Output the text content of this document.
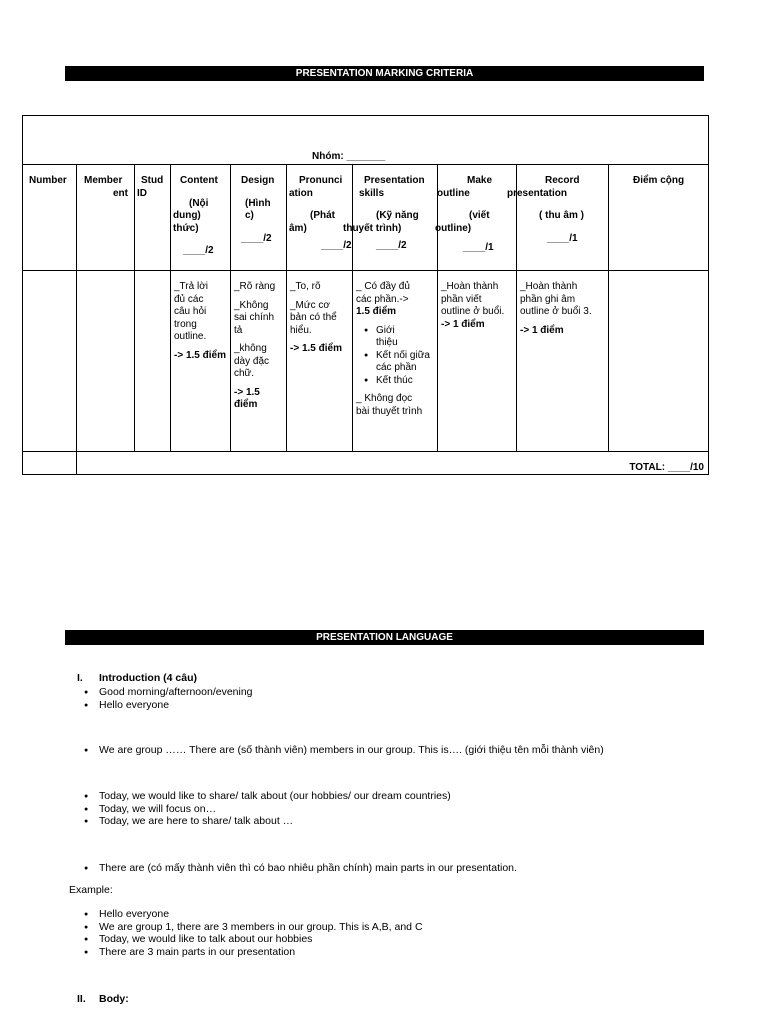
PRESENTATION MARKING CRITERIA
Nhóm: _______
Number Member
ent
Stud
ID
Content
(Nội
dung) thức)
____/2
Design
(Hình
c)
____/2
Pronunci
ation
(Phát
âm)
____/2
Presentation
skills
(Kỹ năng
thuyết trình)
____/2
Make
outline
(viết
outline)
____/1
Record
presentation
( thu âm )
____/1
Điểm cộng
_Trả lời
đủ các
câu hỏi
trong
outline.
-> 1.5 điểm
_Rõ ràng
_Không
sai chính
tả
_không
dày đặc
chữ.
-> 1.5 điểm
_To, rõ
_Mức cơ
bản có thể
hiểu.
-> 1.5 điểm
_ Có đầy đủ
các phần.->
1.5 điểm
● Giới thiệu
● Kết nối giữa các phần
● Kết thúc
_ Không đọc
bài thuyết trình
_Hoàn thành
phần viết
outline ở buổi.
-> 1 điểm
_Hoàn thành
phần ghi âm
outline ở buổi 3.
-> 1 điểm
TOTAL: ____/10
PRESENTATION LANGUAGE
I. Introduction (4 câu)
● Good morning/afternoon/evening
● Hello everyone
● We are group …… There are (số thành viên) members in our group. This is…. (giới thiệu tên mỗi thành viên)
● Today, we would like to share/ talk about (our hobbies/ our dream countries)
● Today, we will focus on…
● Today, we are here to share/ talk about …
● There are (có mấy thành viên thì có bao nhiêu phần chính) main parts in our presentation.
Example:
● Hello everyone
● We are group 1, there are 3 members in our group. This is A,B, and C
● Today, we would like to talk about our hobbies
● There are 3 main parts in our presentation
II. Body:
